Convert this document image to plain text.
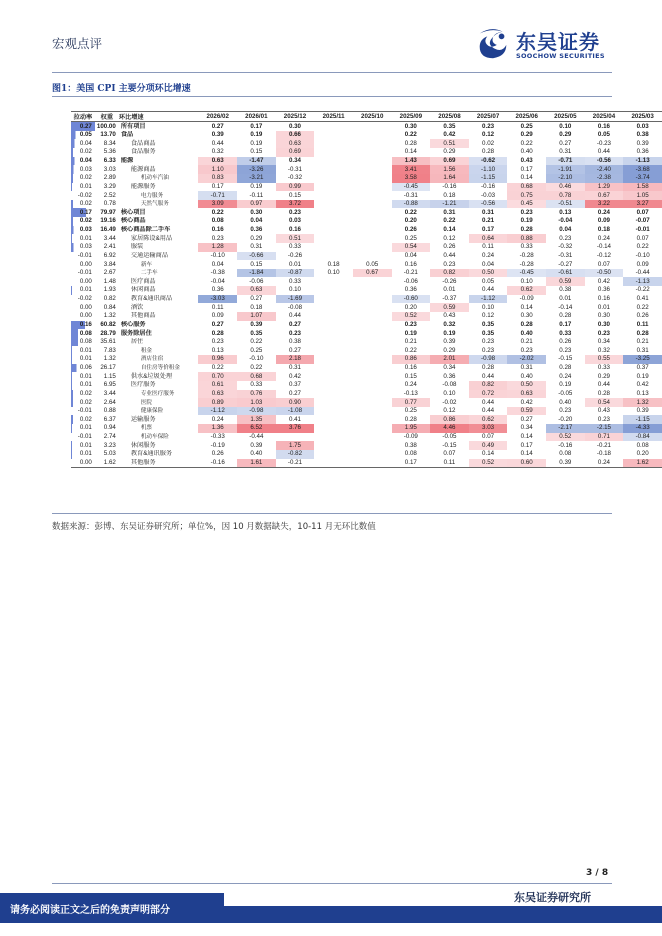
宏观点评	东吴证券
SOOCHOW SECURITIES
图1：美国 CPI 主要分项环比增速
拉动率	权重	环比增速	2026/02	2026/01	2025/12	2025/11	2025/10	2025/09	2025/08	2025/07	2025/06	2025/05	2025/04	2025/03
0.27	100.00	所有项目	0.27	0.17	0.30			0.30	0.35	0.23	0.25	0.10	0.16	0.03
0.05	13.70	食品	0.39	0.19	0.66			0.22	0.42	0.12	0.29	0.29	0.05	0.38
0.04	8.34	食品商品	0.44	0.19	0.63			0.28	0.51	0.02	0.22	0.27	-0.23	0.39
0.02	5.36	食品服务	0.32	0.15	0.69			0.14	0.29	0.28	0.40	0.31	0.44	0.36
0.04	6.33	能源	0.63	-1.47	0.34			1.43	0.69	-0.62	0.43	-0.71	-0.56	-1.13
0.03	3.03	能源商品	1.10	-3.26	-0.31			3.41	1.56	-1.10	0.17	-1.91	-2.40	-3.68
0.02	2.89	机动车汽油	0.83	-3.21	-0.32			3.58	1.64	-1.15	0.14	-2.10	-2.38	-3.74
0.01	3.29	能源服务	0.17	0.19	0.99			-0.45	-0.16	-0.16	0.68	0.46	1.29	1.58
-0.02	2.52	电力服务	-0.71	-0.11	0.15			-0.31	0.18	-0.03	0.75	0.78	0.67	1.05
0.02	0.78	天然气服务	3.09	0.97	3.72			-0.88	-1.21	-0.56	0.45	-0.51	3.22	3.27
0.17	79.97	核心项目	0.22	0.30	0.23			0.22	0.31	0.31	0.23	0.13	0.24	0.07
0.02	19.16	核心商品	0.08	0.04	0.03			0.20	0.22	0.21	0.19	-0.04	0.09	-0.07
0.03	16.49	核心商品除二手车	0.16	0.36	0.16			0.26	0.14	0.17	0.28	0.04	0.18	-0.01
0.01	3.44	家居陈设&用品	0.23	0.29	0.51			0.25	0.12	0.64	0.88	0.23	0.24	0.07
0.03	2.41	服装	1.28	0.31	0.33			0.54	0.26	0.11	0.33	-0.32	-0.14	0.22
-0.01	6.92	交通运输商品	-0.10	-0.66	-0.26			0.04	0.44	0.24	-0.28	-0.31	-0.12	-0.10
0.00	3.84	新车	0.04	0.15	0.01	0.18	0.05	0.16	0.23	0.04	-0.28	-0.27	0.07	0.09
-0.01	2.67	二手车	-0.38	-1.84	-0.87	0.10	0.67	-0.21	0.82	0.50	-0.45	-0.61	-0.50	-0.44
0.00	1.48	医疗商品	-0.04	-0.06	0.33			-0.06	-0.26	0.05	0.10	0.59	0.42	-1.13
0.01	1.93	休闲商品	0.36	0.63	0.10			0.36	0.01	0.44	0.62	0.38	0.36	-0.22
-0.02	0.82	教育&通讯商品	-3.03	0.27	-1.69			-0.60	-0.37	-1.12	-0.09	0.01	0.16	0.41
0.00	0.84	酒饮	0.11	0.18	-0.08			0.20	0.59	0.10	0.14	-0.14	0.01	0.22
0.00	1.32	其他商品	0.09	1.07	0.44			0.52	0.43	0.12	0.30	0.28	0.30	0.26
0.16	60.82	核心服务	0.27	0.39	0.27			0.23	0.32	0.35	0.28	0.17	0.30	0.11
0.08	28.79	服务除居住	0.28	0.35	0.23			0.19	0.19	0.35	0.40	0.33	0.23	0.28
0.08	35.61	居住	0.23	0.22	0.38			0.21	0.39	0.23	0.21	0.26	0.34	0.21
0.01	7.83	租金	0.13	0.25	0.27			0.22	0.29	0.23	0.23	0.23	0.32	0.31
0.01	1.32	酒店住宿	0.96	-0.10	2.18			0.86	2.01	-0.98	-2.02	-0.15	0.55	-3.25
0.06	26.17	自住房等价租金	0.22	0.22	0.31			0.16	0.34	0.28	0.31	0.28	0.33	0.37
0.01	1.15	供水&垃圾处理	0.70	0.68	0.42			0.15	0.36	0.44	0.40	0.24	0.29	0.19
0.01	6.95	医疗服务	0.61	0.33	0.37			0.24	-0.08	0.82	0.50	0.19	0.44	0.42
0.02	3.44	专业医疗服务	0.63	0.76	0.27			-0.13	0.10	0.72	0.63	-0.05	0.28	0.13
0.02	2.64	医院	0.89	1.03	0.90			0.77	-0.02	0.44	0.42	0.40	0.54	1.32
-0.01	0.88	健康保险	-1.12	-0.98	-1.08			0.25	0.12	0.44	0.59	0.23	0.43	0.39
0.02	6.37	运输服务	0.24	1.35	0.41			0.28	0.86	0.62	0.27	-0.20	0.23	-1.15
0.01	0.94	机票	1.36	6.52	3.76			1.95	4.46	3.03	0.34	-2.17	-2.15	-4.33
-0.01	2.74	机动车保险	-0.33	-0.44				-0.09	-0.05	0.07	0.14	0.52	0.71	-0.84
0.01	3.23	休闲服务	-0.19	0.39	1.75			0.38	-0.15	0.49	0.17	-0.16	-0.21	0.08
0.01	5.03	教育&通讯服务	0.26	0.40	-0.82			0.08	0.07	0.14	0.14	0.08	-0.18	0.20
0.00	1.62	其他服务	-0.16	1.61	-0.21			0.17	0.11	0.52	0.60	0.39	0.24	1.62
数据来源：彭博、东吴证券研究所；单位%，因 10 月数据缺失，10-11 月无环比数值
3 / 8
东吴证券研究所
请务必阅读正文之后的免责声明部分
